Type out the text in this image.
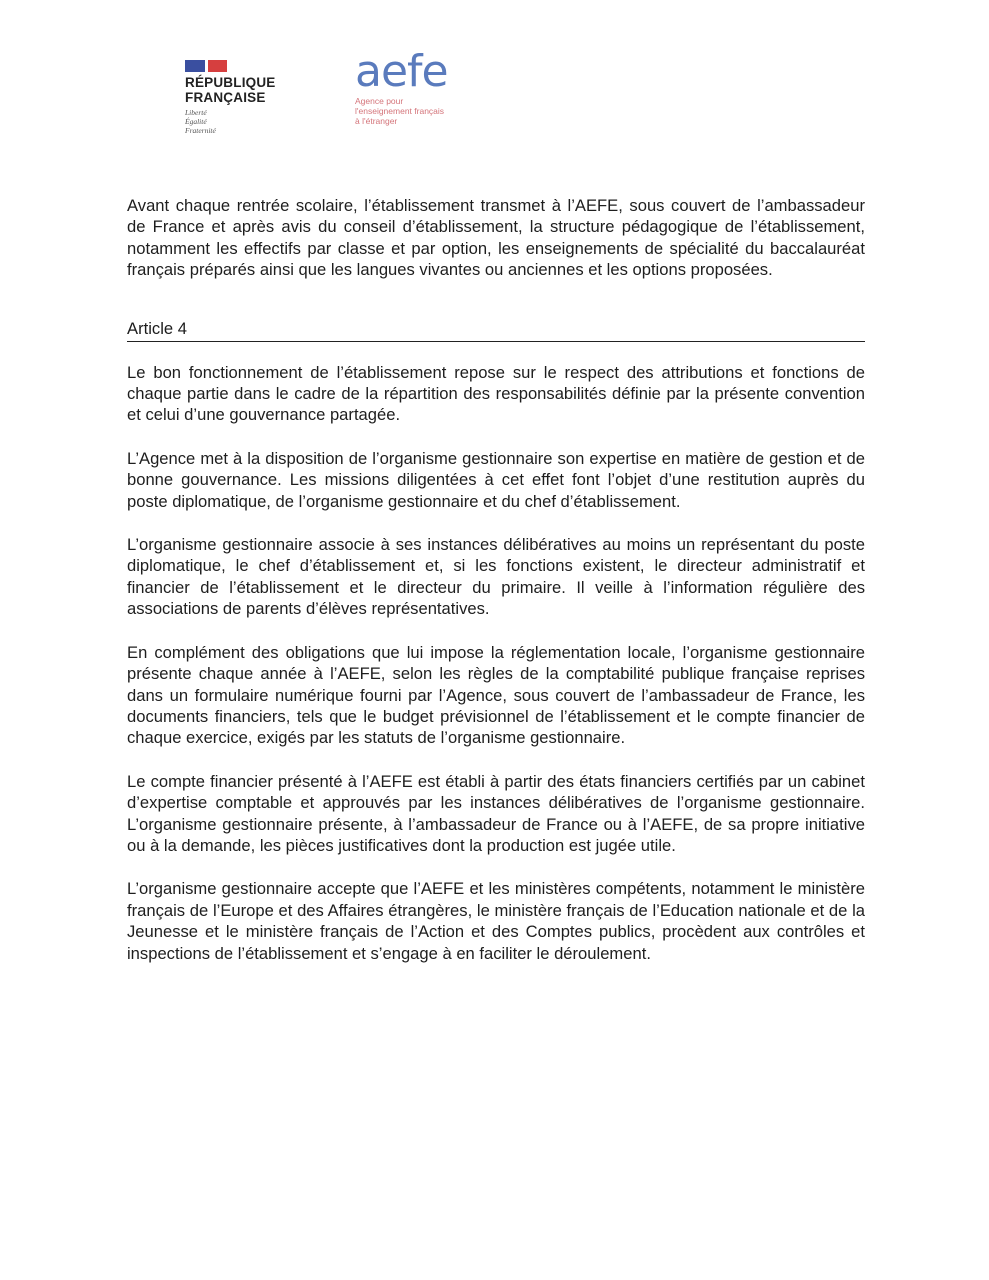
RÉPUBLIQUE
FRANÇAISE
Liberté
Égalité
Fraternité
aefe
Agence pour
l'enseignement français
à l'étranger

Avant chaque rentrée scolaire, l’établissement transmet à l’AEFE, sous couvert de l’ambassadeur de France et après avis du conseil d’établissement, la structure pédagogique de l’établissement, notamment les effectifs par classe et par option, les enseignements de spécialité du baccalauréat français préparés ainsi que les langues vivantes ou anciennes et les options proposées.

Article 4

Le bon fonctionnement de l’établissement repose sur le respect des attributions et fonctions de chaque partie dans le cadre de la répartition des responsabilités définie par la présente convention et celui d’une gouvernance partagée.

L’Agence met à la disposition de l’organisme gestionnaire son expertise en matière de gestion et de bonne gouvernance. Les missions diligentées à cet effet font l’objet d’une restitution auprès du poste diplomatique, de l’organisme gestionnaire et du chef d’établissement.

L’organisme gestionnaire associe à ses instances délibératives au moins un représentant du poste diplomatique, le chef d’établissement et, si les fonctions existent, le directeur administratif et financier de l’établissement et le directeur du primaire. Il veille à l’information régulière des associations de parents d’élèves représentatives.

En complément des obligations que lui impose la réglementation locale, l’organisme gestionnaire présente chaque année à l’AEFE, selon les règles de la comptabilité publique française reprises dans un formulaire numérique fourni par l’Agence, sous couvert de l’ambassadeur de France, les documents financiers, tels que le budget prévisionnel de l’établissement et le compte financier de chaque exercice, exigés par les statuts de l’organisme gestionnaire.

Le compte financier présenté à l’AEFE est établi à partir des états financiers certifiés par un cabinet d’expertise comptable et approuvés par les instances délibératives de l’organisme gestionnaire. L’organisme gestionnaire présente, à l’ambassadeur de France ou à l’AEFE, de sa propre initiative ou à la demande, les pièces justificatives dont la production est jugée utile.

L’organisme gestionnaire accepte que l’AEFE et les ministères compétents, notamment le ministère français de l’Europe et des Affaires étrangères, le ministère français de l’Education nationale et de la Jeunesse et le ministère français de l’Action et des Comptes publics, procèdent aux contrôles et inspections de l’établissement et s’engage à en faciliter le déroulement.
